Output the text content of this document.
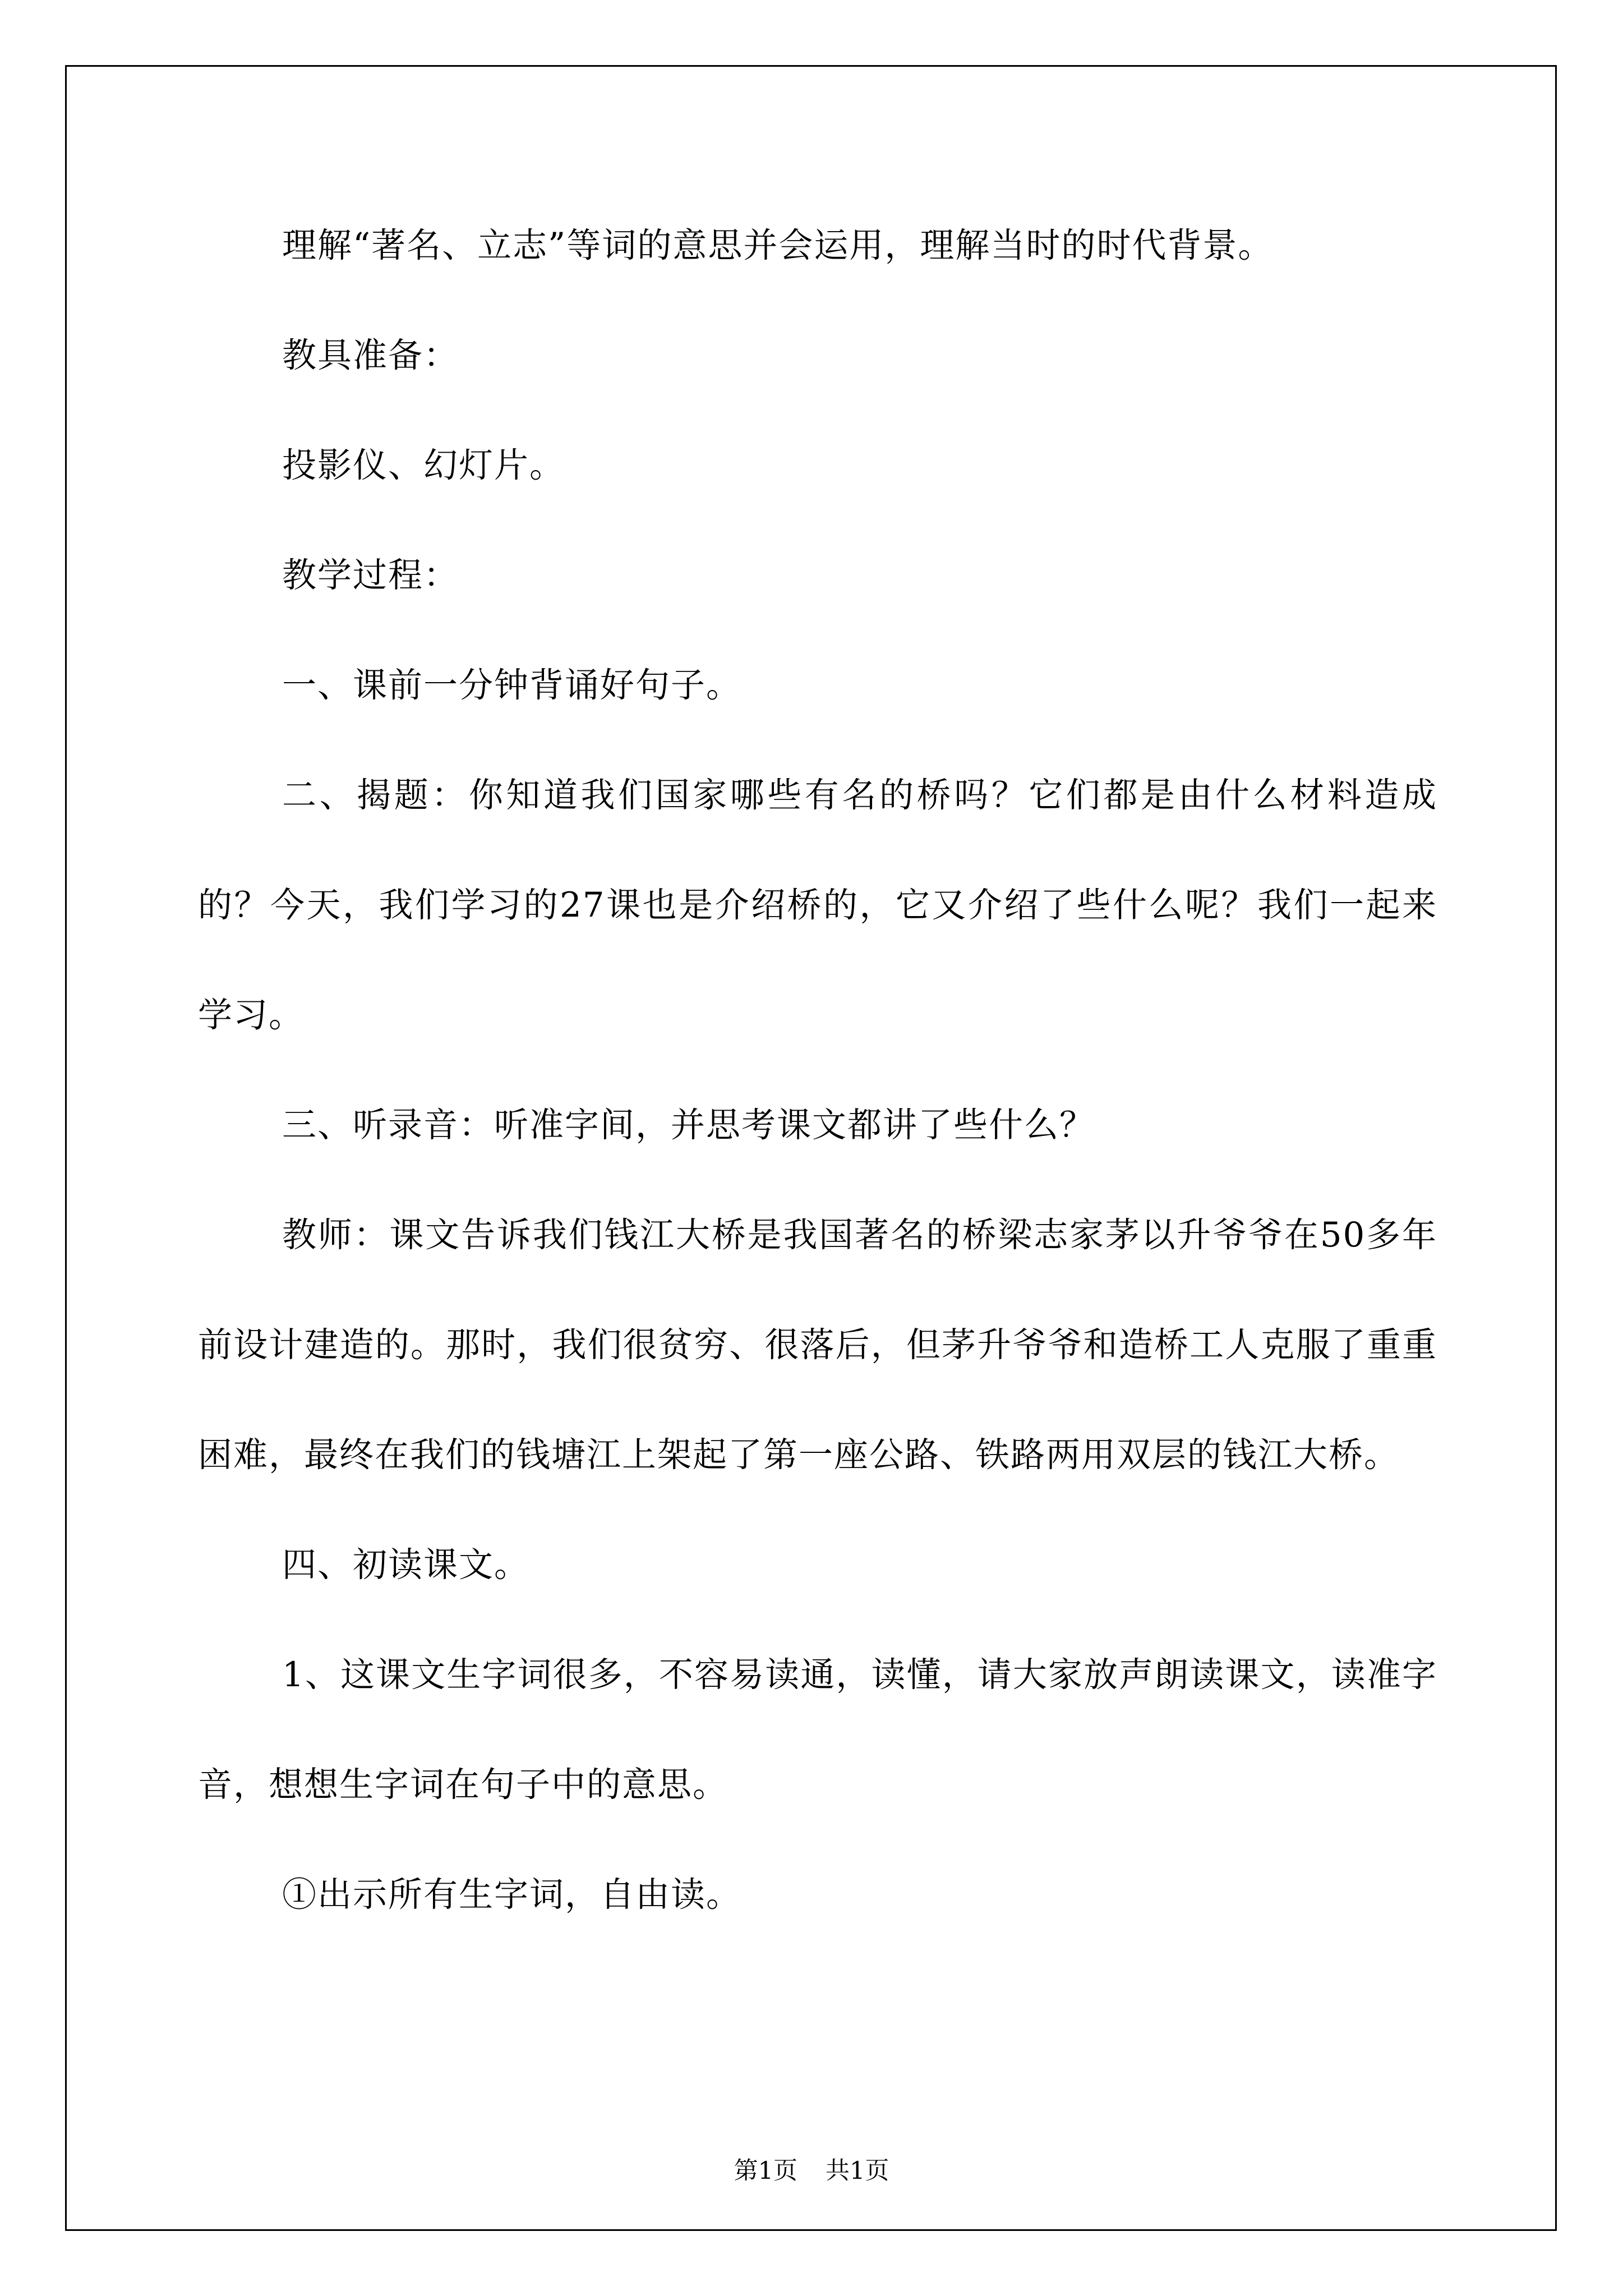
理解“著名、立志”等词的意思并会运用，理解当时的时代背景。

教具准备：

投影仪、幻灯片。

教学过程：

一、课前一分钟背诵好句子。

二、揭题：你知道我们国家哪些有名的桥吗？它们都是由什么材料造成的？今天，我们学习的27课也是介绍桥的，它又介绍了些什么呢？我们一起来学习。

三、听录音：听准字间，并思考课文都讲了些什么？

教师：课文告诉我们钱江大桥是我国著名的桥梁志家茅以升爷爷在50多年前设计建造的。那时，我们很贫穷、很落后，但茅升爷爷和造桥工人克服了重重困难，最终在我们的钱塘江上架起了第一座公路、铁路两用双层的钱江大桥。

四、初读课文。

1、这课文生字词很多，不容易读通，读懂，请大家放声朗读课文，读准字音，想想生字词在句子中的意思。

①出示所有生字词，自由读。

第1页 共1页
